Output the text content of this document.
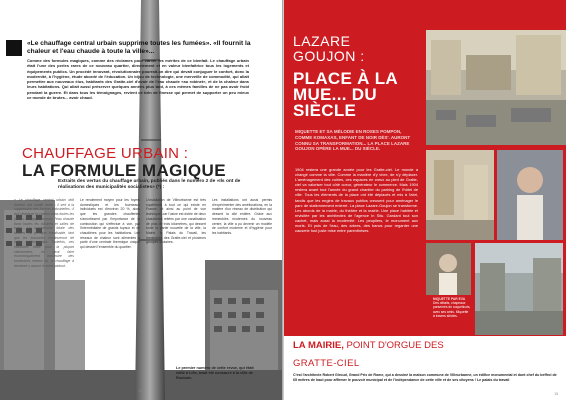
«Le chauffage central urbain supprime toutes les fumées». «Il fournit la chaleur et l'eau chaude à toute la ville»...
Comme des formules magiques, comme des réclames pour vanter les mérites de ce bienfait. Le chauffage urbain était l'une des perles rares de ce nouveau quartier, directement et en valeur bienfaitrice tous les logements et équipements publics. Un procédé innovant, révolutionnaire pourrait-on dire qui devait conjuguer le confort, donc la modernité, à l'hygiène, étude abordé de l'éducation. Un bijou de technologie, une merveille de commodité, qui allait permettre aux nouveaux élus, habitants des Gratte-ciel d'avoir de l'eau chaude «au robinet», et de la chaleur dans leurs habitations. Qui allait aussi préserver quelques années plus tard, à ces mêmes familles de ne pas avoir froid pendant la guerre. Et dans tous les témoignages, revient ce brin de finesse qui permet de supporter un peu mieux ce monde de brutes... avoir chaud.
CHAUFFAGE URBAIN :
LA FORMULE MAGIQUE
Extraits des vertus du chauffage urbain, publiés dans le numéro 2 de «Ils ont de réalisations des municipalités socialistes» (*) :
« Le chauffage central urbain doit devenir une réalité réelle : il sert à la suppression des fumées industrielles ; il doit distribuer la chaleur dans toutes les pièces des appartements, l'eau chaude dans toutes les cuisines et salles de bains. La suppression totale des fumées est presque irréalisable, tant que les industries continueront de brûler à leur guise. Toutefois, ces industries étant pour la plupart clairsemées, on peut faire économiquement construire des immeubles entiers où, le chauffage à demeure y assure le soleil partout.
Le rendement moyen pour les foyers domestiques et les fourneaux individuels est d'environ 20 %, alors que les grandes chaufferies s'amortissent par l'importance de la combustion qui s'effectue à vue, par l'intermédiaire de grands tuyaux et de chaudières pour les habitations. Les réseaux de chaleur sont alimentés à partir d'une centrale thermique unique qui dessert l'ensemble du quartier.
L'installation de Villeurbanne est très supérieure à tout ce qui existe en France, et ainsi au point de vue technique, car l'usine est dotée de deux chaudières reliées par une canalisation de plus de trois kilomètres, qui dessert toute la partie nouvelle de la ville, la Mairie, le Palais du Travail, les immeubles des Gratte-ciel et plusieurs groupes scolaires.
Les installations ont aussi permis d'expérimenter des améliorations, en la matière d'un réseau de distribution qui dessert la cité entière. Grâce aux immeubles modernes du nouveau centre, la ville a pu devenir un modèle de confort moderne et d'hygiène pour les habitants.
Le premier numéro de cette revue, qui était édité à Lille, avait été consacré à la ville de Roubaix.
14
LAZARE
GOUJON :
PLACE À LA MUE... DU SIÈCLE
MIQUETTE ET SA MÉLODIE EN ROSES POMPON, COMME KOMAXAS, ENFANT DE NOIR DÈS'. AURONT CONNU SA TRANSFORMATION... LA PLACE LAZARE GOUJON OPÈRE LA MUE... DU SIÈCLE.
1904 restera une grande année pour les Gratte-ciel. Le monde a changé comme la ville. Comme la manière d'y vivre, de s'y déplacer. L'aménagement des voiries, ces espaces en creux au pied de Gratte-ciel va valoriser tout côté coeur, générateur le commerce. Mais 1904 restera avant tout l'année du grand chantier du parking de l'hôtel de ville. Tous les éléments de la place ont été déplacés et mis à l'abri, tandis que les engins de travaux publics creusent pour aménager le parc de stationnement enterré. La place Lazare-Goujon se transforme. Les abords de la mairie, du théâtre et la mairie. Une place habitée et revisitée par les architectes de l'agence In Situ. Gardant tout son cachet, mais aussi la modernité. Les peupliers, le monument aux morts. Et puis de l'eau, des arbres, des bancs pour regarder une causerie tout juste mise entre parenthèses.
MIQUETTE PAR EVA Des détails, chapeaux parsemés de coquelicots, avec ses amis. Miquette à travers siècles.
LA MAIRIE, POINT D'ORGUE DES
GRATTE-CIEL
C'est l'architecte Robert Giroud, Grand Prix de Rome, qui a dessiné la maison commune de Villeurbanne, un édifice monumental et dont chef du beffroi de 65 mètres de haut pour affirmer le pouvoir municipal et de l'indépendance de cette ville et de ses citoyens ! Le palais du travail
15
